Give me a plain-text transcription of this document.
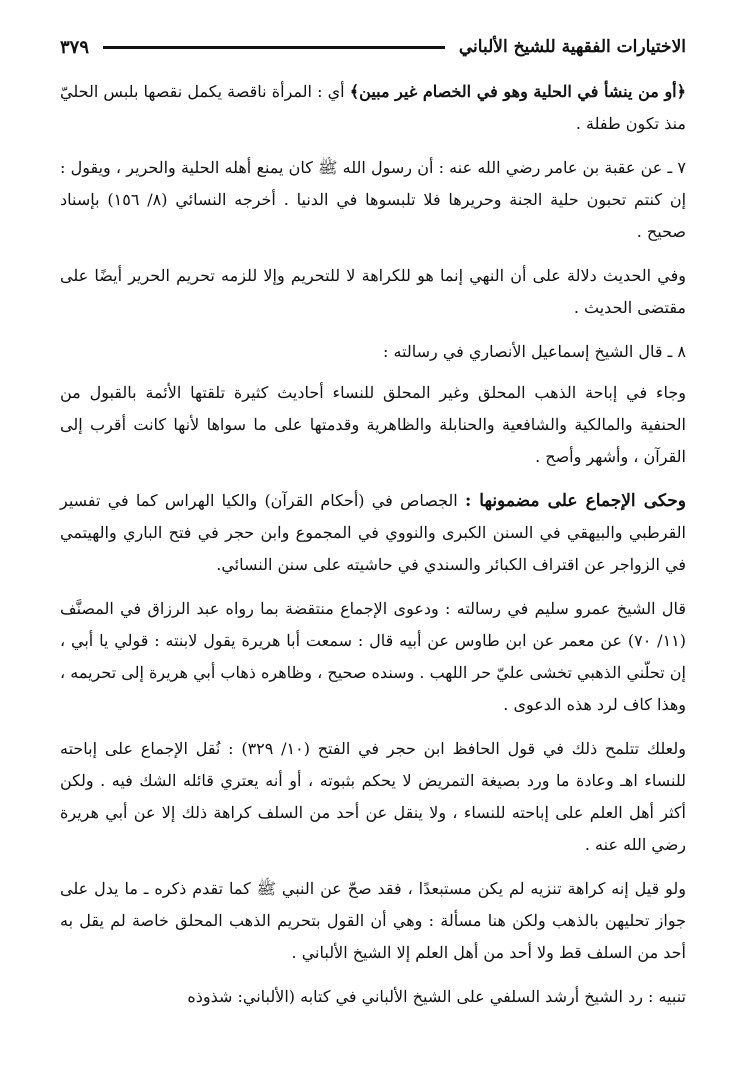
الاختيارات الفقهية للشيخ الألباني
٣٧٩

﴿أو من ينشأ في الحلية وهو في الخصام غير مبين﴾ أي : المرأة ناقصة يكمل نقصها بلبس الحليّ منذ تكون طفلة .

٧ ـ عن عقبة بن عامر رضي الله عنه : أن رسول الله ﷺ كان يمنع أهله الحلية والحرير ، ويقول : إن كنتم تحبون حلية الجنة وحريرها فلا تلبسوها في الدنيا . أخرجه النسائي (٨/ ١٥٦) بإسناد صحيح .

وفي الحديث دلالة على أن النهي إنما هو للكراهة لا للتحريم وإلا للزمه تحريم الحرير أيضًا على مقتضى الحديث .

٨ ـ قال الشيخ إسماعيل الأنصاري في رسالته :

وجاء في إباحة الذهب المحلق وغير المحلق للنساء أحاديث كثيرة تلقتها الأئمة بالقبول من الحنفية والمالكية والشافعية والحنابلة والظاهرية وقدمتها على ما سواها لأنها كانت أقرب إلى القرآن ، وأشهر وأصح .

وحكى الإجماع على مضمونها : الجصاص في (أحكام القرآن) والكيا الهراس كما في تفسير القرطبي والبيهقي في السنن الكبرى والنووي في المجموع وابن حجر في فتح الباري والهيتمي في الزواجر عن اقتراف الكبائر والسندي في حاشيته على سنن النسائي.

قال الشيخ عمرو سليم في رسالته : ودعوى الإجماع منتقضة بما رواه عبد الرزاق في المصنَّف (١١/ ٧٠) عن معمر عن ابن طاوس عن أبيه قال : سمعت أبا هريرة يقول لابنته : قولي يا أبي ، إن تحلّني الذهبي تخشى عليّ حر اللهب . وسنده صحيح ، وظاهره ذهاب أبي هريرة إلى تحريمه ، وهذا كاف لرد هذه الدعوى .

ولعلك تتلمح ذلك في قول الحافظ ابن حجر في الفتح (١٠/ ٣٢٩) : نُقل الإجماع على إباحته للنساء اهـ وعادة ما ورد بصيغة التمريض لا يحكم بثبوته ، أو أنه يعتري قائله الشك فيه . ولكن أكثر أهل العلم على إباحته للنساء ، ولا ينقل عن أحد من السلف كراهة ذلك إلا عن أبي هريرة رضي الله عنه .

ولو قيل إنه كراهة تنزيه لم يكن مستبعدًا ، فقد صحّ عن النبي ﷺ كما تقدم ذكره ـ ما يدل على جواز تحليهن بالذهب ولكن هنا مسألة : وهي أن القول بتحريم الذهب المحلق خاصة لم يقل به أحد من السلف قط ولا أحد من أهل العلم إلا الشيخ الألباني .

تنبيه : رد الشيخ أرشد السلفي على الشيخ الألباني في كتابه (الألباني: شذوذه
